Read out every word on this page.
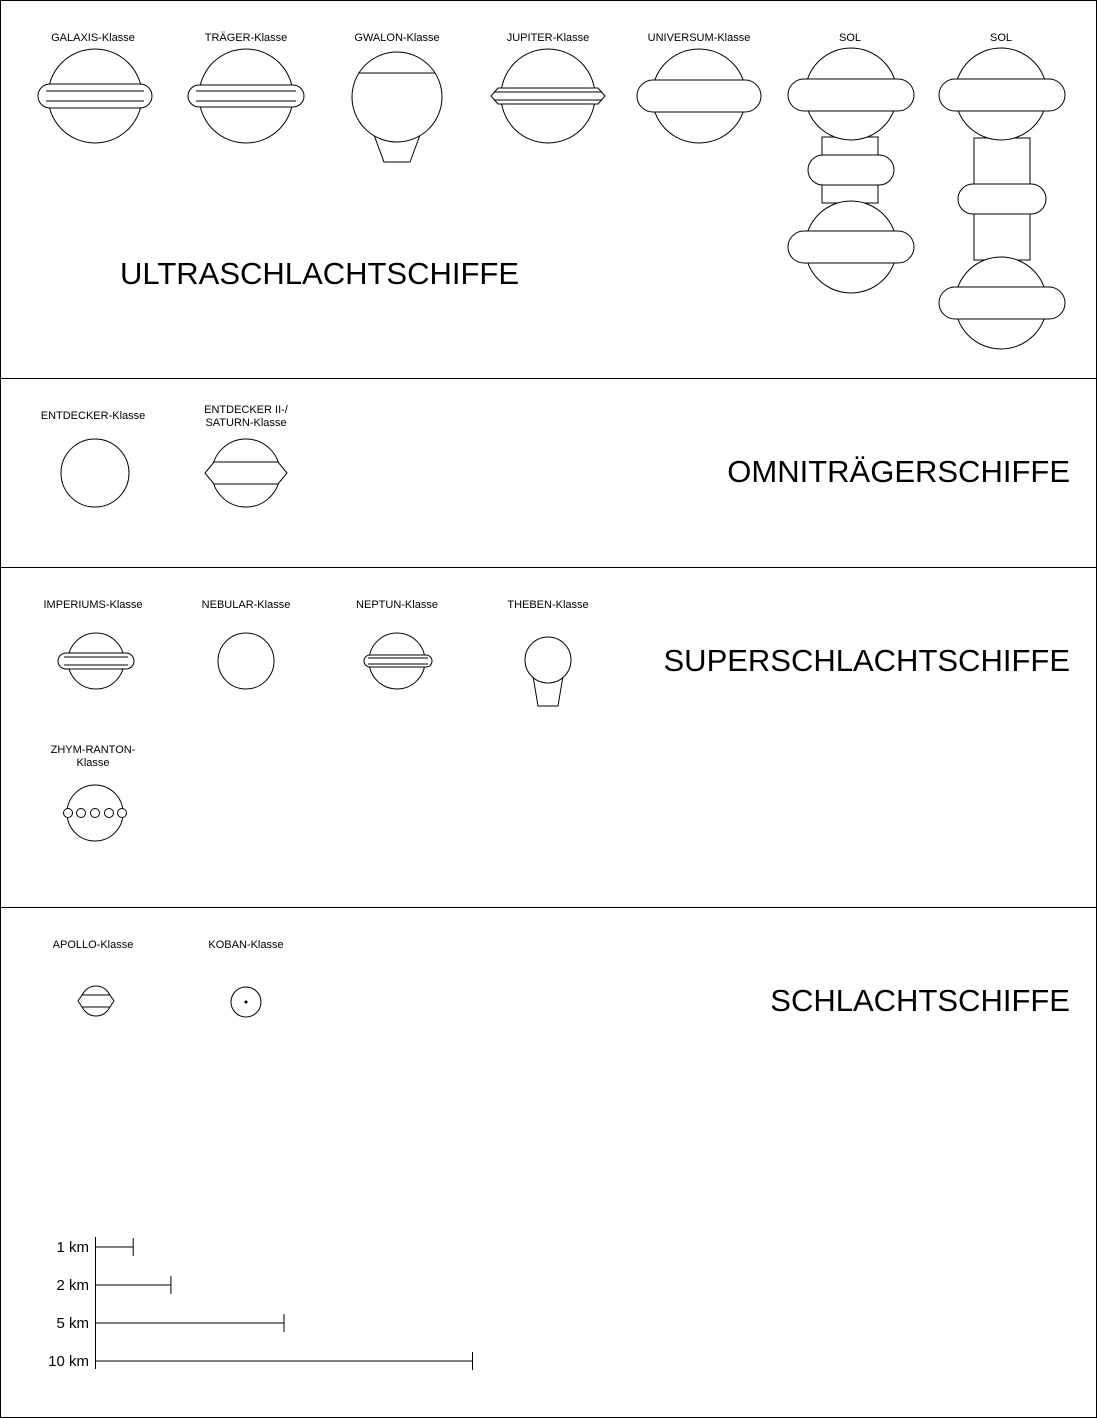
ULTRASCHLACHTSCHIFFE
GALAXIS-Klasse	TRÄGER-Klasse	GWALON-Klasse	JUPITER-Klasse	UNIVERSUM-Klasse	SOL	SOL
OMNITRÄGERSCHIFFE
ENTDECKER-Klasse	ENTDECKER II-/
SATURN-Klasse
SUPERSCHLACHTSCHIFFE
IMPERIUMS-Klasse	NEBULAR-Klasse	NEPTUN-Klasse	THEBEN-Klasse
ZHYM-RANTON-
Klasse
SCHLACHTSCHIFFE
APOLLO-Klasse	KOBAN-Klasse
1 km
2 km
5 km
10 km
